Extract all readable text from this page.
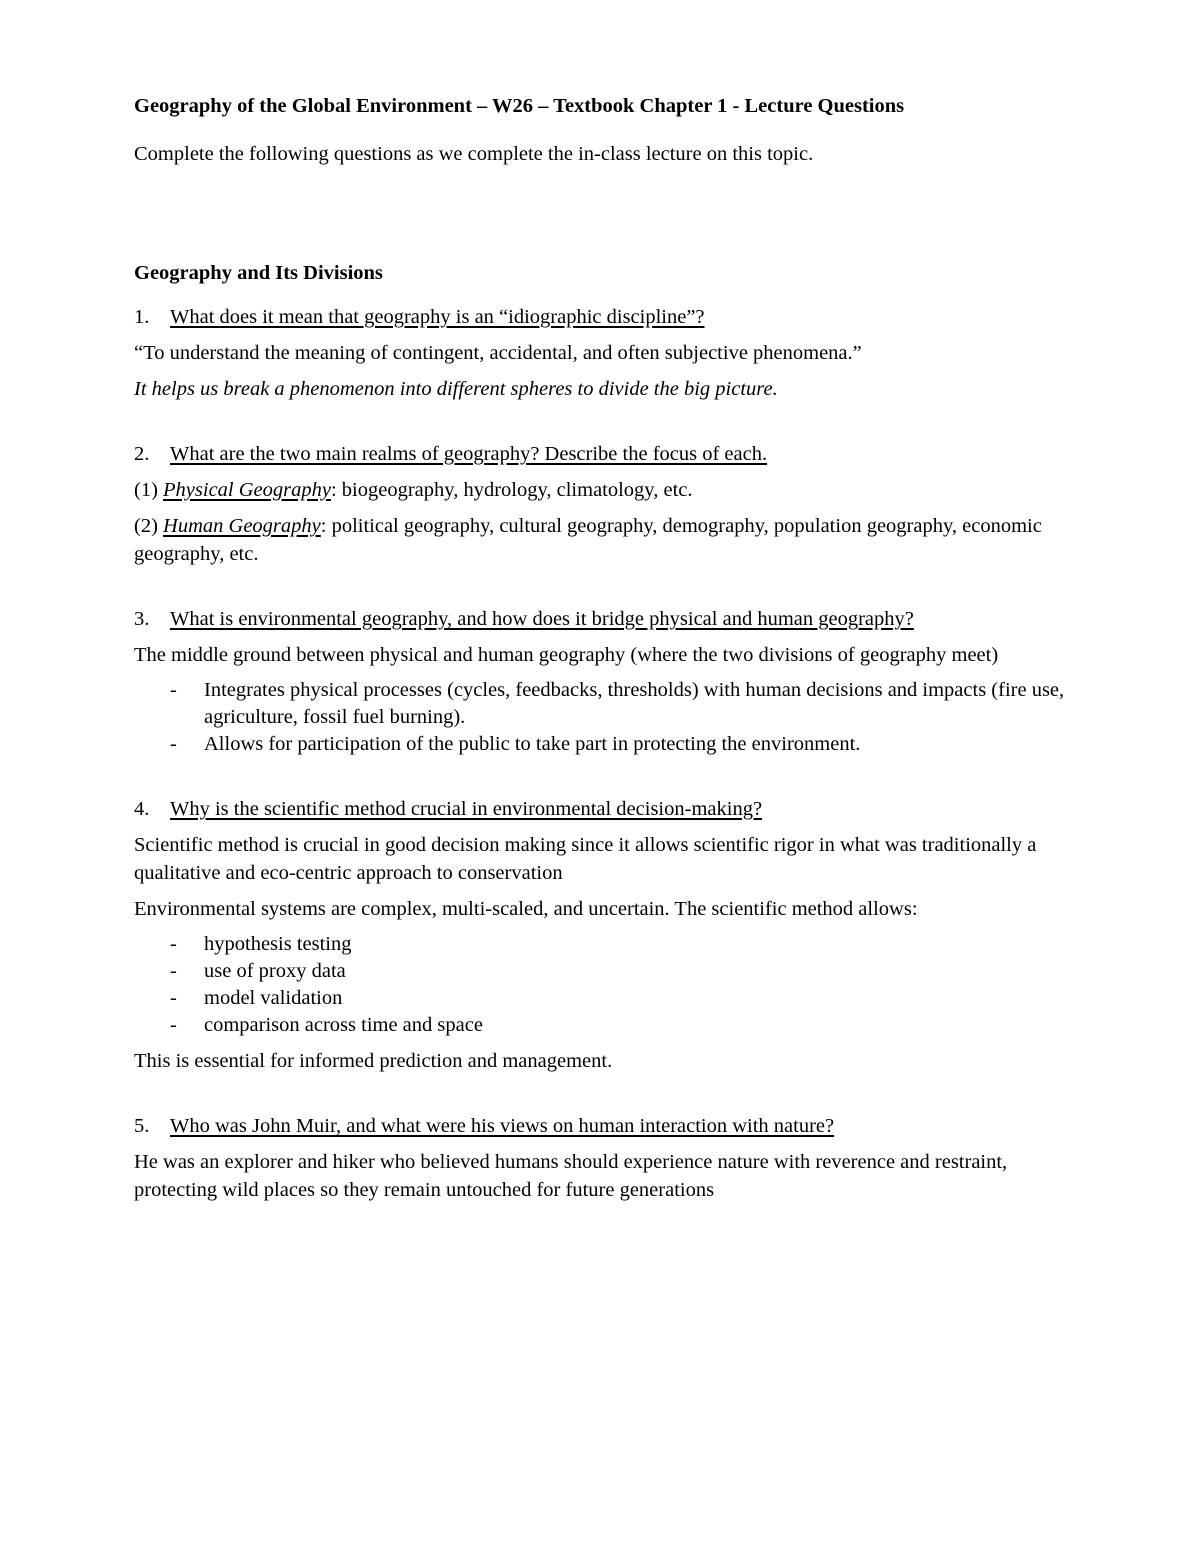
Geography of the Global Environment – W26 – Textbook Chapter 1 - Lecture Questions

Complete the following questions as we complete the in-class lecture on this topic.

Geography and Its Divisions

1.	What does it mean that geography is an “idiographic discipline”?

“To understand the meaning of contingent, accidental, and often subjective phenomena.”

It helps us break a phenomenon into different spheres to divide the big picture.

2.	What are the two main realms of geography? Describe the focus of each.

(1) Physical Geography: biogeography, hydrology, climatology, etc.

(2) Human Geography: political geography, cultural geography, demography, population geography, economic geography, etc.

3.	What is environmental geography, and how does it bridge physical and human geography?

The middle ground between physical and human geography (where the two divisions of geography meet)

- Integrates physical processes (cycles, feedbacks, thresholds) with human decisions and impacts (fire use, agriculture, fossil fuel burning).
- Allows for participation of the public to take part in protecting the environment.
4.	Why is the scientific method crucial in environmental decision-making?

Scientific method is crucial in good decision making since it allows scientific rigor in what was traditionally a qualitative and eco-centric approach to conservation

Environmental systems are complex, multi-scaled, and uncertain. The scientific method allows:

- hypothesis testing
- use of proxy data
- model validation
- comparison across time and space

This is essential for informed prediction and management.

5.	Who was John Muir, and what were his views on human interaction with nature?

He was an explorer and hiker who believed humans should experience nature with reverence and restraint, protecting wild places so they remain untouched for future generations
